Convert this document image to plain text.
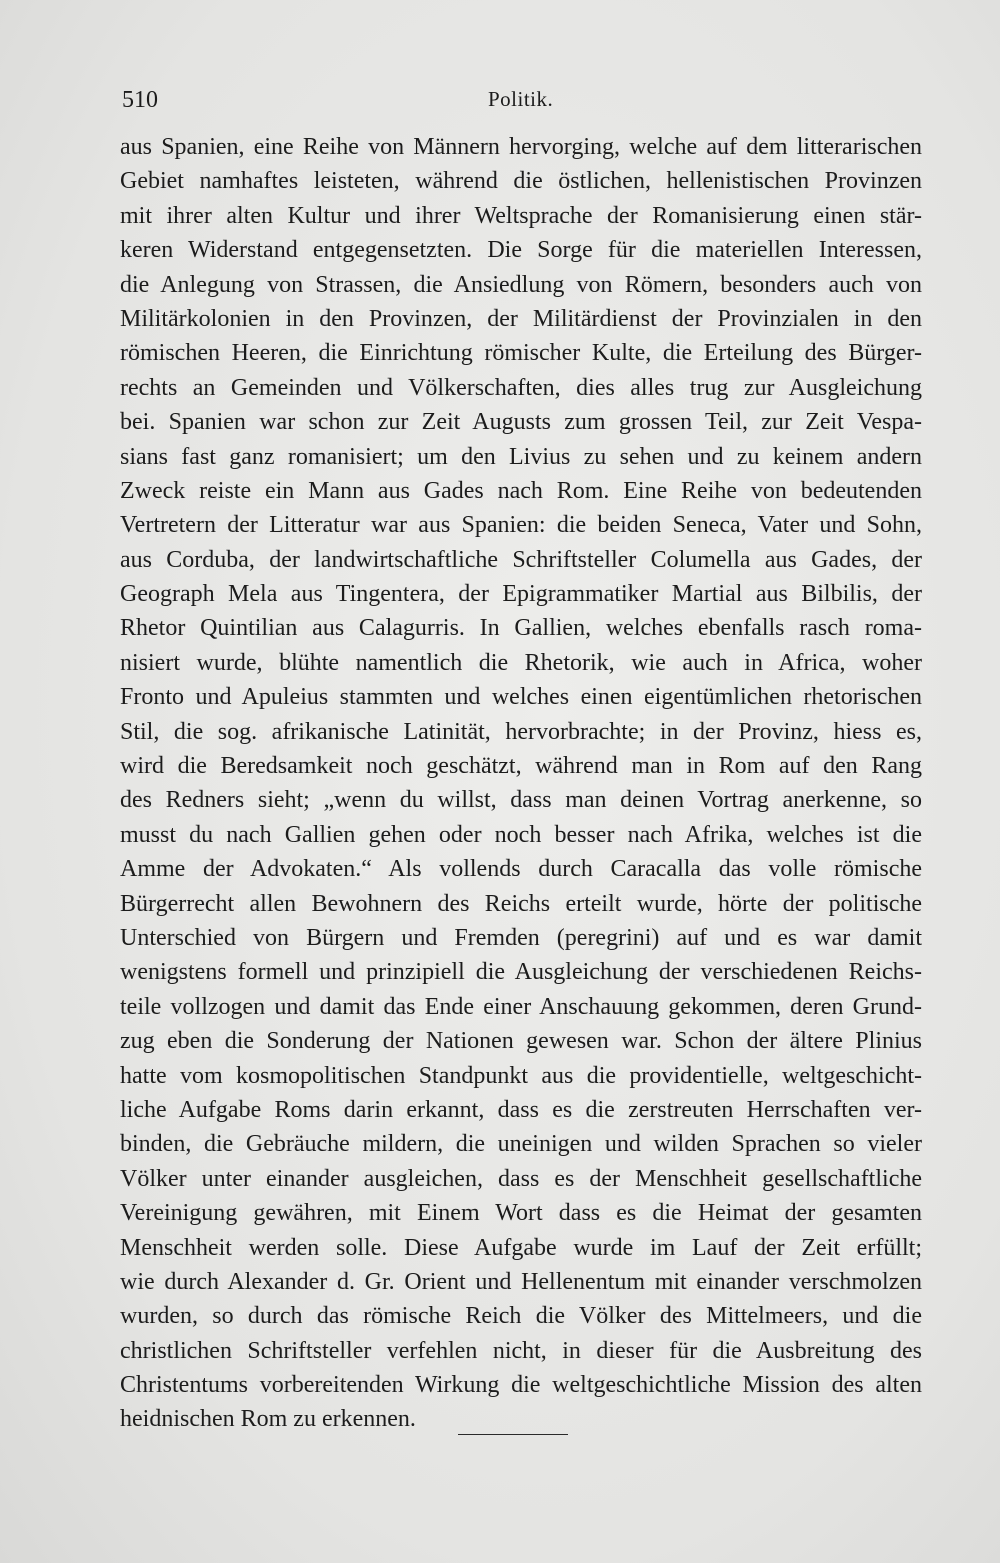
510	Politik.
aus Spanien, eine Reihe von Männern hervorging, welche auf dem litterarischen
Gebiet namhaftes leisteten, während die östlichen, hellenistischen Provinzen
mit ihrer alten Kultur und ihrer Weltsprache der Romanisierung einen stär-
keren Widerstand entgegensetzten. Die Sorge für die materiellen Interessen,
die Anlegung von Strassen, die Ansiedlung von Römern, besonders auch von
Militärkolonien in den Provinzen, der Militärdienst der Provinzialen in den
römischen Heeren, die Einrichtung römischer Kulte, die Erteilung des Bürger-
rechts an Gemeinden und Völkerschaften, dies alles trug zur Ausgleichung
bei. Spanien war schon zur Zeit Augusts zum grossen Teil, zur Zeit Vespa-
sians fast ganz romanisiert; um den Livius zu sehen und zu keinem andern
Zweck reiste ein Mann aus Gades nach Rom. Eine Reihe von bedeutenden
Vertretern der Litteratur war aus Spanien: die beiden Seneca, Vater und Sohn,
aus Corduba, der landwirtschaftliche Schriftsteller Columella aus Gades, der
Geograph Mela aus Tingentera, der Epigrammatiker Martial aus Bilbilis, der
Rhetor Quintilian aus Calagurris. In Gallien, welches ebenfalls rasch roma-
nisiert wurde, blühte namentlich die Rhetorik, wie auch in Africa, woher
Fronto und Apuleius stammten und welches einen eigentümlichen rhetorischen
Stil, die sog. afrikanische Latinität, hervorbrachte; in der Provinz, hiess es,
wird die Beredsamkeit noch geschätzt, während man in Rom auf den Rang
des Redners sieht; „wenn du willst, dass man deinen Vortrag anerkenne, so
musst du nach Gallien gehen oder noch besser nach Afrika, welches ist die
Amme der Advokaten.“ Als vollends durch Caracalla das volle römische
Bürgerrecht allen Bewohnern des Reichs erteilt wurde, hörte der politische
Unterschied von Bürgern und Fremden (peregrini) auf und es war damit
wenigstens formell und prinzipiell die Ausgleichung der verschiedenen Reichs-
teile vollzogen und damit das Ende einer Anschauung gekommen, deren Grund-
zug eben die Sonderung der Nationen gewesen war. Schon der ältere Plinius
hatte vom kosmopolitischen Standpunkt aus die providentielle, weltgeschicht-
liche Aufgabe Roms darin erkannt, dass es die zerstreuten Herrschaften ver-
binden, die Gebräuche mildern, die uneinigen und wilden Sprachen so vieler
Völker unter einander ausgleichen, dass es der Menschheit gesellschaftliche
Vereinigung gewähren, mit Einem Wort dass es die Heimat der gesamten
Menschheit werden solle. Diese Aufgabe wurde im Lauf der Zeit erfüllt;
wie durch Alexander d. Gr. Orient und Hellenentum mit einander verschmolzen
wurden, so durch das römische Reich die Völker des Mittelmeers, und die
christlichen Schriftsteller verfehlen nicht, in dieser für die Ausbreitung des
Christentums vorbereitenden Wirkung die weltgeschichtliche Mission des alten
heidnischen Rom zu erkennen.
